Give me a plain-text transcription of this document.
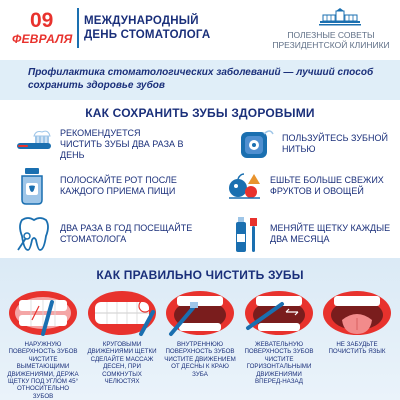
09
ФЕВРАЛЯ
МЕЖДУНАРОДНЫЙ
ДЕНЬ СТОМАТОЛОГА	ПОЛЕЗНЫЕ СОВЕТЫ
ПРЕЗИДЕНТСКОЙ КЛИНИКИ
Профилактика стоматологических заболеваний — лучший способ сохранить здоровье зубов
КАК СОХРАНИТЬ ЗУБЫ ЗДОРОВЫМИ
РЕКОМЕНДУЕТСЯ ЧИСТИТЬ ЗУБЫ ДВА РАЗА В ДЕНЬ
ПОЛЬЗУЙТЕСЬ ЗУБНОЙ НИТЬЮ
ПОЛОСКАЙТЕ РОТ ПОСЛЕ КАЖДОГО ПРИЕМА ПИЩИ
ЕШЬТЕ БОЛЬШЕ СВЕЖИХ ФРУКТОВ И ОВОЩЕЙ
ДВА РАЗА В ГОД ПОСЕЩАЙТЕ СТОМАТОЛОГА
МЕНЯЙТЕ ЩЕТКУ КАЖДЫЕ ДВА МЕСЯЦА
КАК ПРАВИЛЬНО ЧИСТИТЬ ЗУБЫ
НАРУЖНУЮ ПОВЕРХНОСТЬ ЗУБОВ ЧИСТИТЕ ВЫМЕТАЮЩИМИ ДВИЖЕНИЯМИ, ДЕРЖА ЩЕТКУ ПОД УГЛОМ 45° ОТНОСИТЕЛЬНО ЗУБОВ
КРУГОВЫМИ ДВИЖЕНИЯМИ ЩЕТКИ СДЕЛАЙТЕ МАССАЖ ДЕСЕН, ПРИ СОМКНУТЫХ ЧЕЛЮСТЯХ
ВНУТРЕННЮЮ ПОВЕРХНОСТЬ ЗУБОВ ЧИСТИТЕ ДВИЖЕНИЕМ ОТ ДЕСНЫ К КРАЮ ЗУБА
ЖЕВАТЕЛЬНУЮ ПОВЕРХНОСТЬ ЗУБОВ ЧИСТИТЕ ГОРИЗОНТАЛЬНЫМИ ДВИЖЕНИЯМИ ВПЕРЕД-НАЗАД
НЕ ЗАБУДЬТЕ ПОЧИСТИТЬ ЯЗЫК
